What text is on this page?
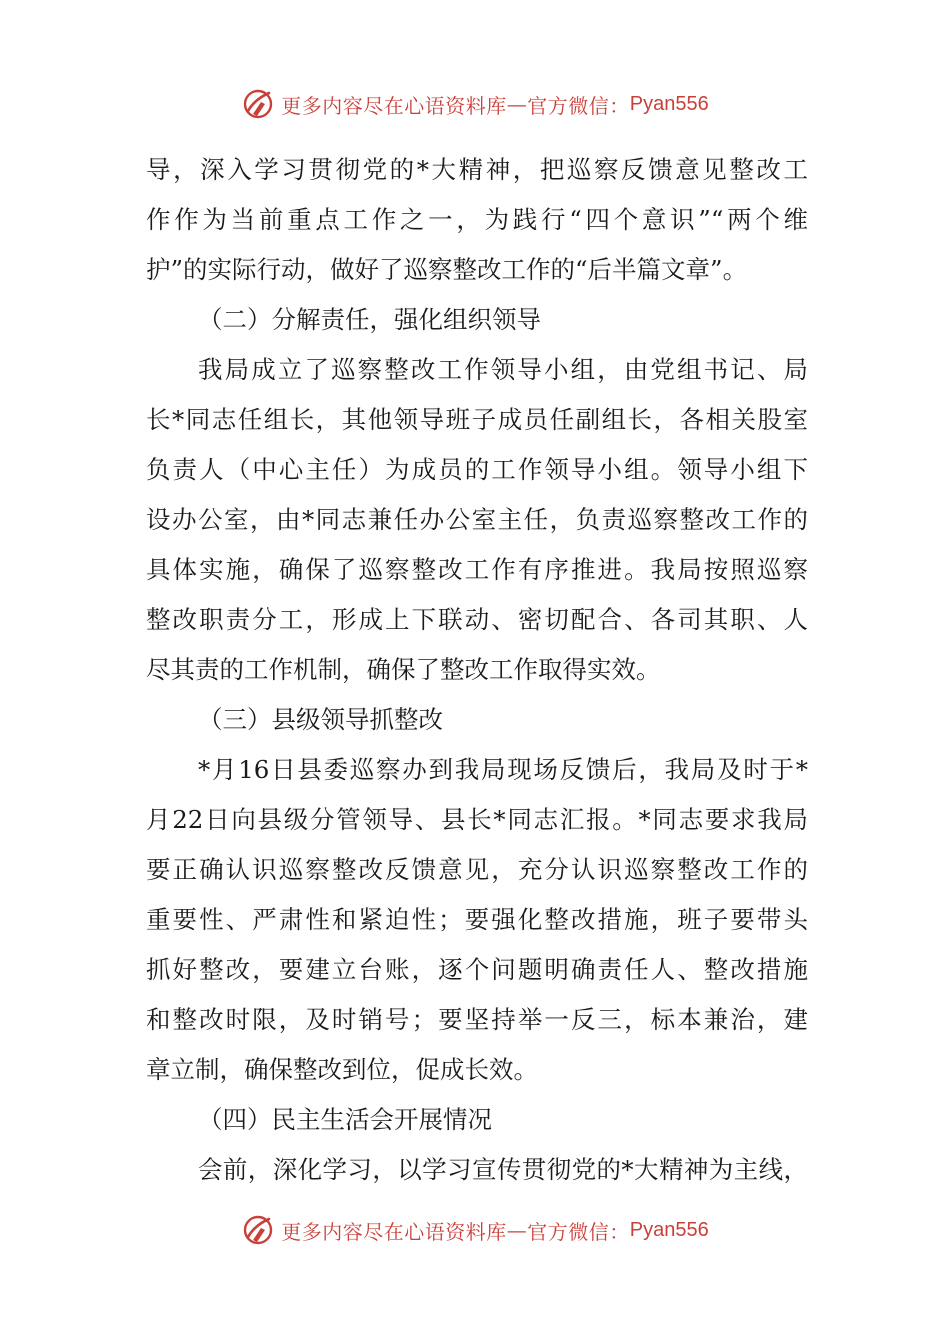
更多内容尽在心语资料库 — 官方微信： Pyan556
导，深入学习贯彻党的*大精神，把巡察反馈意见整改工
作作为当前重点工作之一，为践行“四个意识”“两个维
护”的实际行动，做好了巡察整改工作的“后半篇文章”。
（二）分解责任，强化组织领导
我局成立了巡察整改工作领导小组，由党组书记、局
长*同志任组长，其他领导班子成员任副组长，各相关股室
负责人（中心主任）为成员的工作领导小组。领导小组下
设办公室，由*同志兼任办公室主任，负责巡察整改工作的
具体实施，确保了巡察整改工作有序推进。我局按照巡察
整改职责分工，形成上下联动、密切配合、各司其职、人
尽其责的工作机制，确保了整改工作取得实效。
（三）县级领导抓整改
*月16日县委巡察办到我局现场反馈后，我局及时于*
月22日向县级分管领导、县长*同志汇报。*同志要求我局
要正确认识巡察整改反馈意见，充分认识巡察整改工作的
重要性、严肃性和紧迫性；要强化整改措施，班子要带头
抓好整改，要建立台账，逐个问题明确责任人、整改措施
和整改时限，及时销号；要坚持举一反三，标本兼治，建
章立制，确保整改到位，促成长效。
（四）民主生活会开展情况
会前，深化学习，以学习宣传贯彻党的*大精神为主线，
更多内容尽在心语资料库 — 官方微信： Pyan556
